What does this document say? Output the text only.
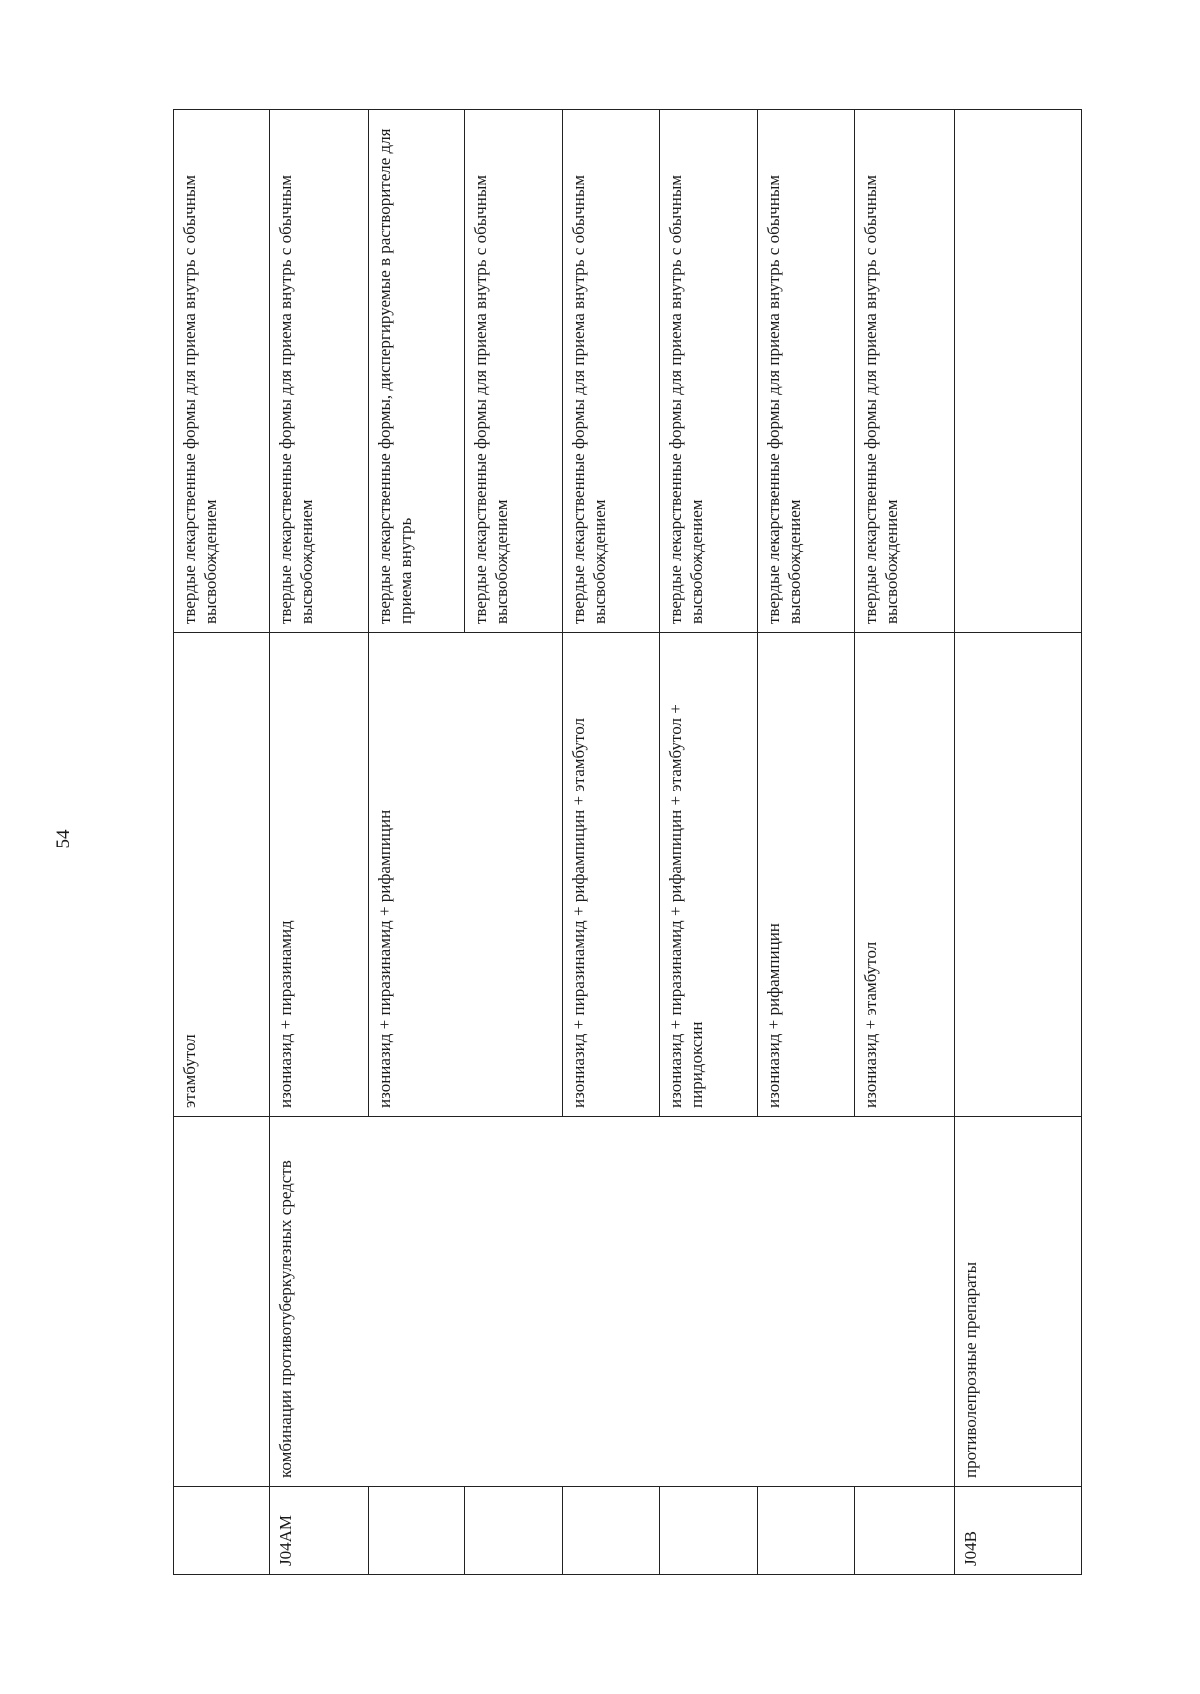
54
		этамбутол	твердые лекарственные формы для приема внутрь с обычным высвобождением
J04AM	комбинации противотуберкулезных средств	изониазид + пиразинамид	твердые лекарственные формы для приема внутрь с обычным высвобождением
		изониазид + пиразинамид + рифампицин	твердые лекарственные формы, диспергируемые в растворителе для приема внутрь
			твердые лекарственные формы для приема внутрь с обычным высвобождением
		изониазид + пиразинамид + рифампицин + этамбутол	твердые лекарственные формы для приема внутрь с обычным высвобождением
		изониазид + пиразинамид + рифампицин + этамбутол + пиридоксин	твердые лекарственные формы для приема внутрь с обычным высвобождением
		изониазид + рифампицин	твердые лекарственные формы для приема внутрь с обычным высвобождением
		изониазид + этамбутол	твердые лекарственные формы для приема внутрь с обычным высвобождением
J04B	противолепрозные препараты		
